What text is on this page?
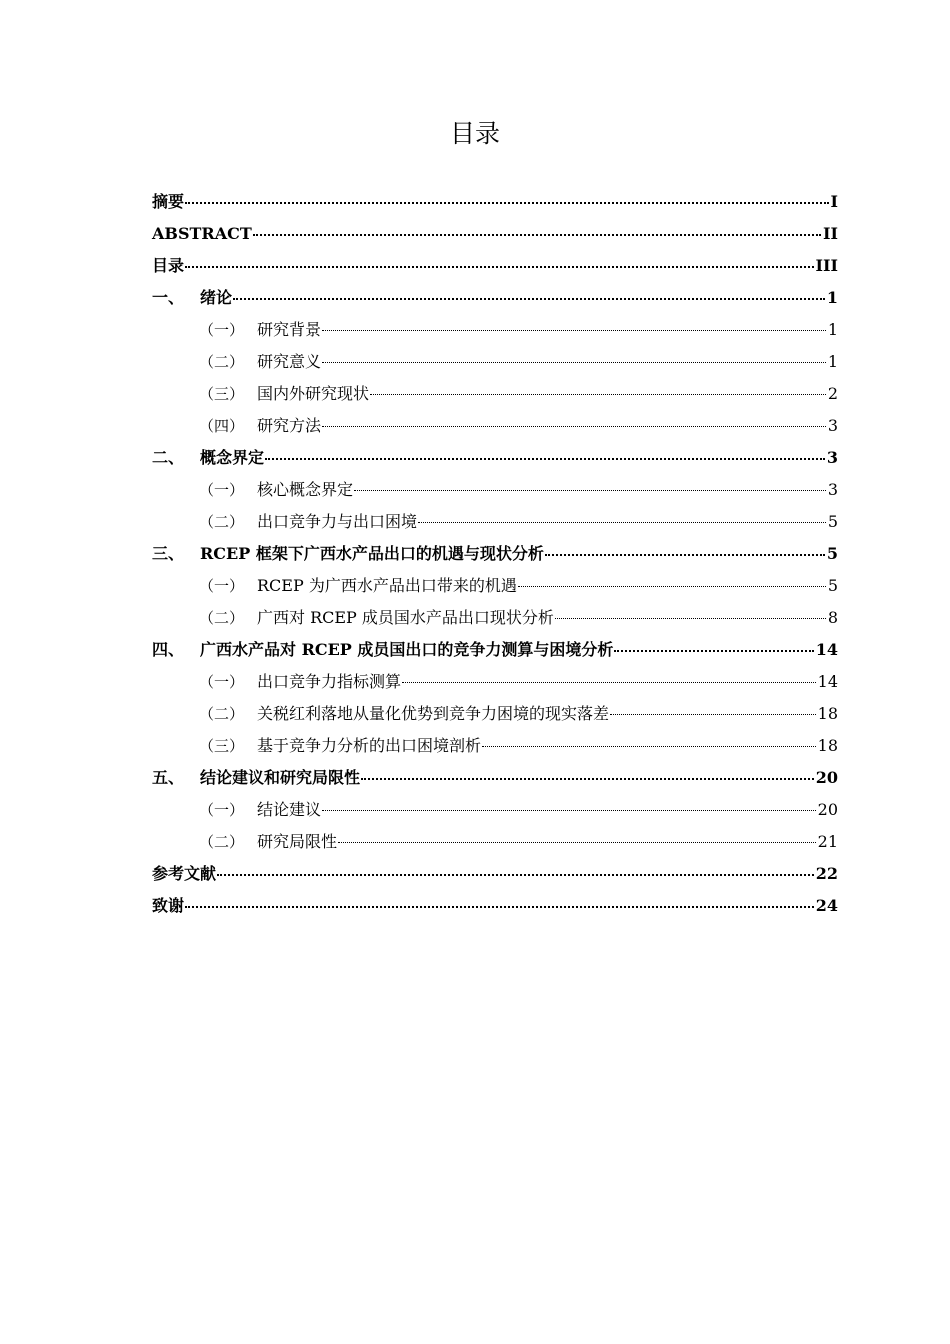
目录
摘要	I
ABSTRACT	II
目录	III
一、 绪论	1
（一） 研究背景	1
（二） 研究意义	1
（三） 国内外研究现状	2
（四） 研究方法	3
二、 概念界定	3
（一） 核心概念界定	3
（二） 出口竞争力与出口困境	5
三、 RCEP 框架下广西水产品出口的机遇与现状分析	5
（一） RCEP 为广西水产品出口带来的机遇	5
（二） 广西对 RCEP 成员国水产品出口现状分析	8
四、 广西水产品对 RCEP 成员国出口的竞争力测算与困境分析	14
（一） 出口竞争力指标测算	14
（二） 关税红利落地从量化优势到竞争力困境的现实落差	18
（三） 基于竞争力分析的出口困境剖析	18
五、 结论建议和研究局限性	20
（一） 结论建议	20
（二） 研究局限性	21
参考文献	22
致谢	24
